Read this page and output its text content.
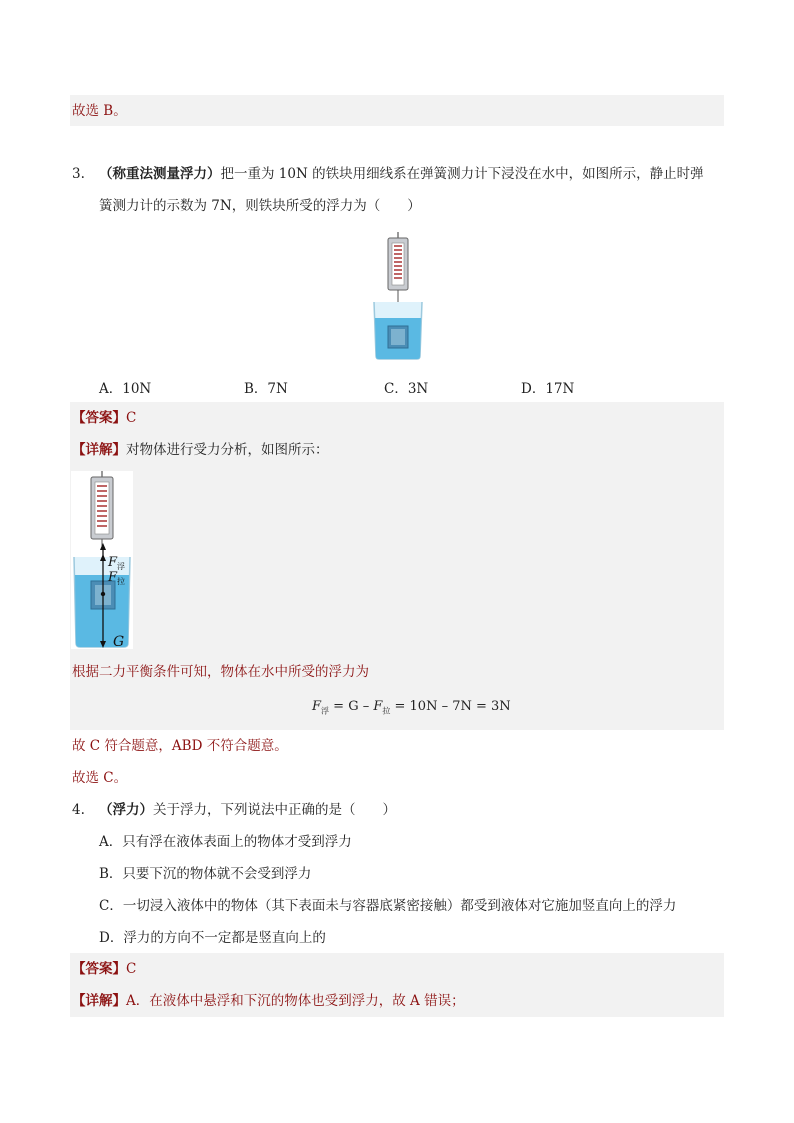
故选 B。
3. （称重法测量浮力）把一重为 10N 的铁块用细线系在弹簧测力计下浸没在水中，如图所示，静止时弹
簧测力计的示数为 7N，则铁块所受的浮力为（　　）
A．10N	B．7N	C．3N	D．17N
【答案】C
【详解】对物体进行受力分析，如图所示：
F 浮
F 拉
G
根据二力平衡条件可知，物体在水中所受的浮力为
$F_浮 = G - F_拉 = 10N - 7N = 3N$
故 C 符合题意，ABD 不符合题意。
故选 C。
4. （浮力）关于浮力，下列说法中正确的是（　　）
A．只有浮在液体表面上的物体才受到浮力
B．只要下沉的物体就不会受到浮力
C．一切浸入液体中的物体（其下表面未与容器底紧密接触）都受到液体对它施加竖直向上的浮力
D．浮力的方向不一定都是竖直向上的
【答案】C
【详解】A．在液体中悬浮和下沉的物体也受到浮力，故 A 错误；
